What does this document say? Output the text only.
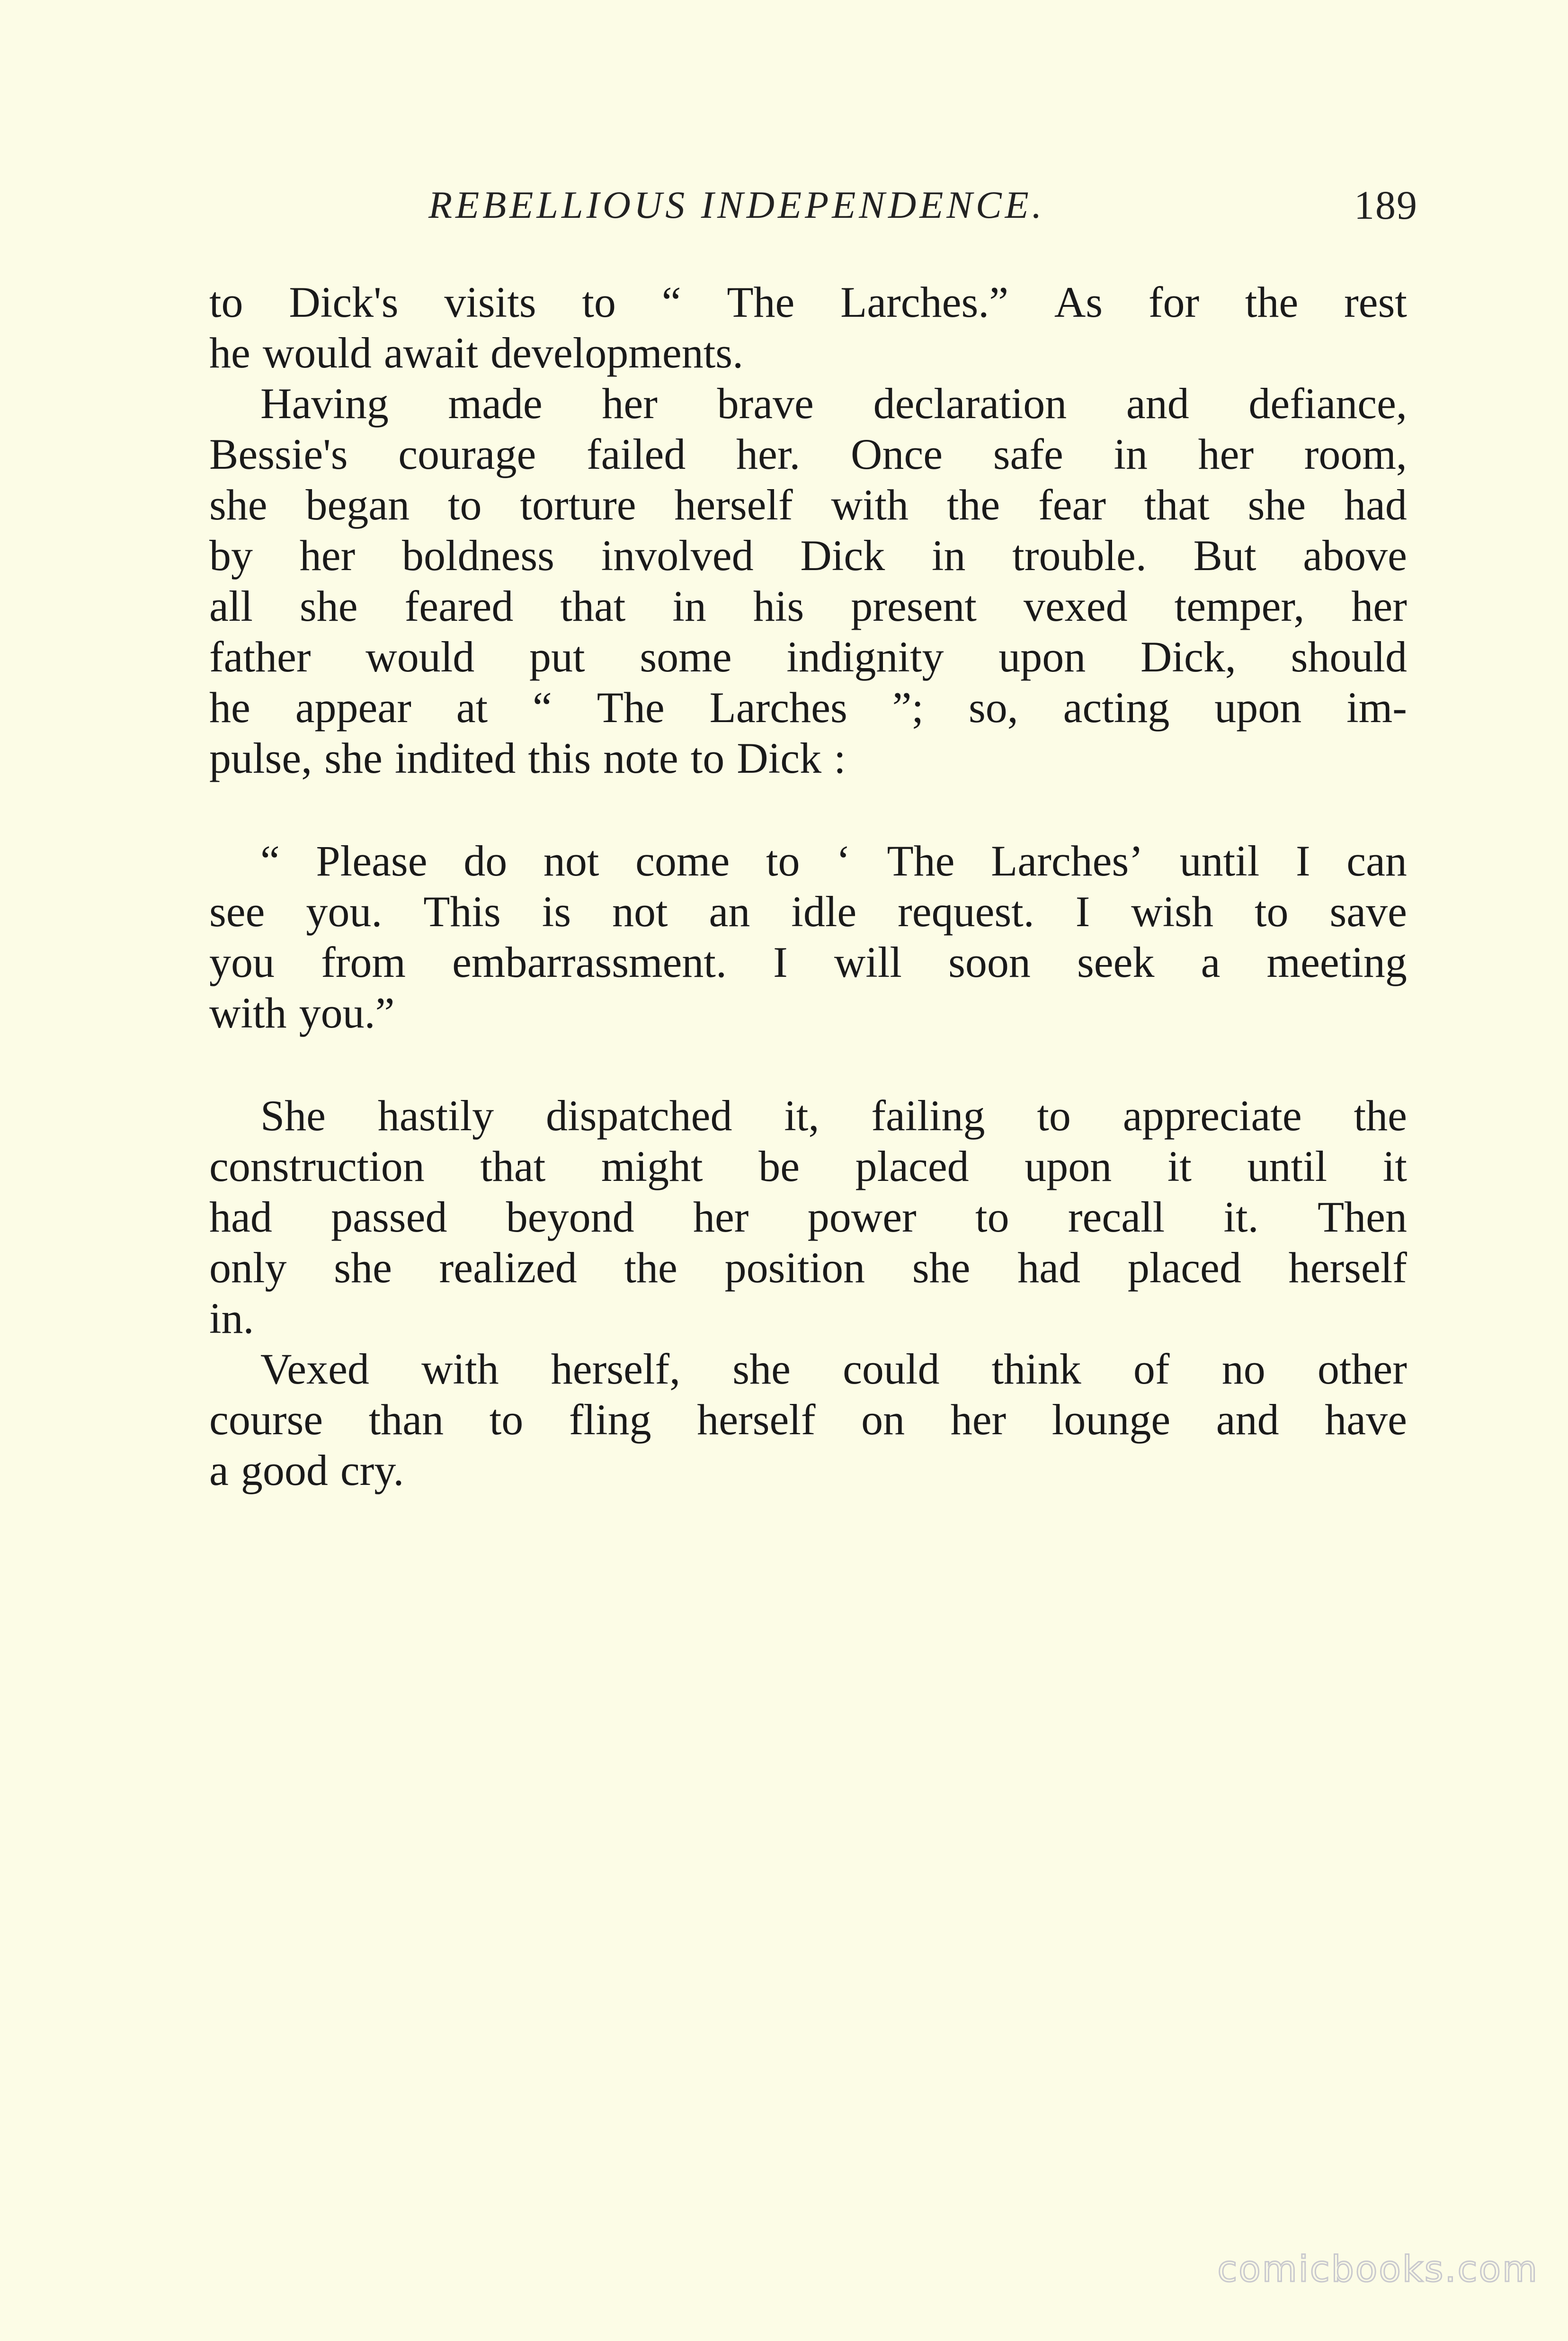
REBELLIOUS INDEPENDENCE.	189
to Dick's visits to “ The Larches.” As for the rest
he would await developments.
Having made her brave declaration and defiance,
Bessie's courage failed her. Once safe in her room,
she began to torture herself with the fear that she had
by her boldness involved Dick in trouble. But above
all she feared that in his present vexed temper, her
father would put some indignity upon Dick, should
he appear at “ The Larches ”; so, acting upon im-
pulse, she indited this note to Dick :
“ Please do not come to ‘ The Larches’ until I can
see you. This is not an idle request. I wish to save
you from embarrassment. I will soon seek a meeting
with you.”
She hastily dispatched it, failing to appreciate the
construction that might be placed upon it until it
had passed beyond her power to recall it. Then
only she realized the position she had placed herself
in.
Vexed with herself, she could think of no other
course than to fling herself on her lounge and have
a good cry.
comicbooks.com
